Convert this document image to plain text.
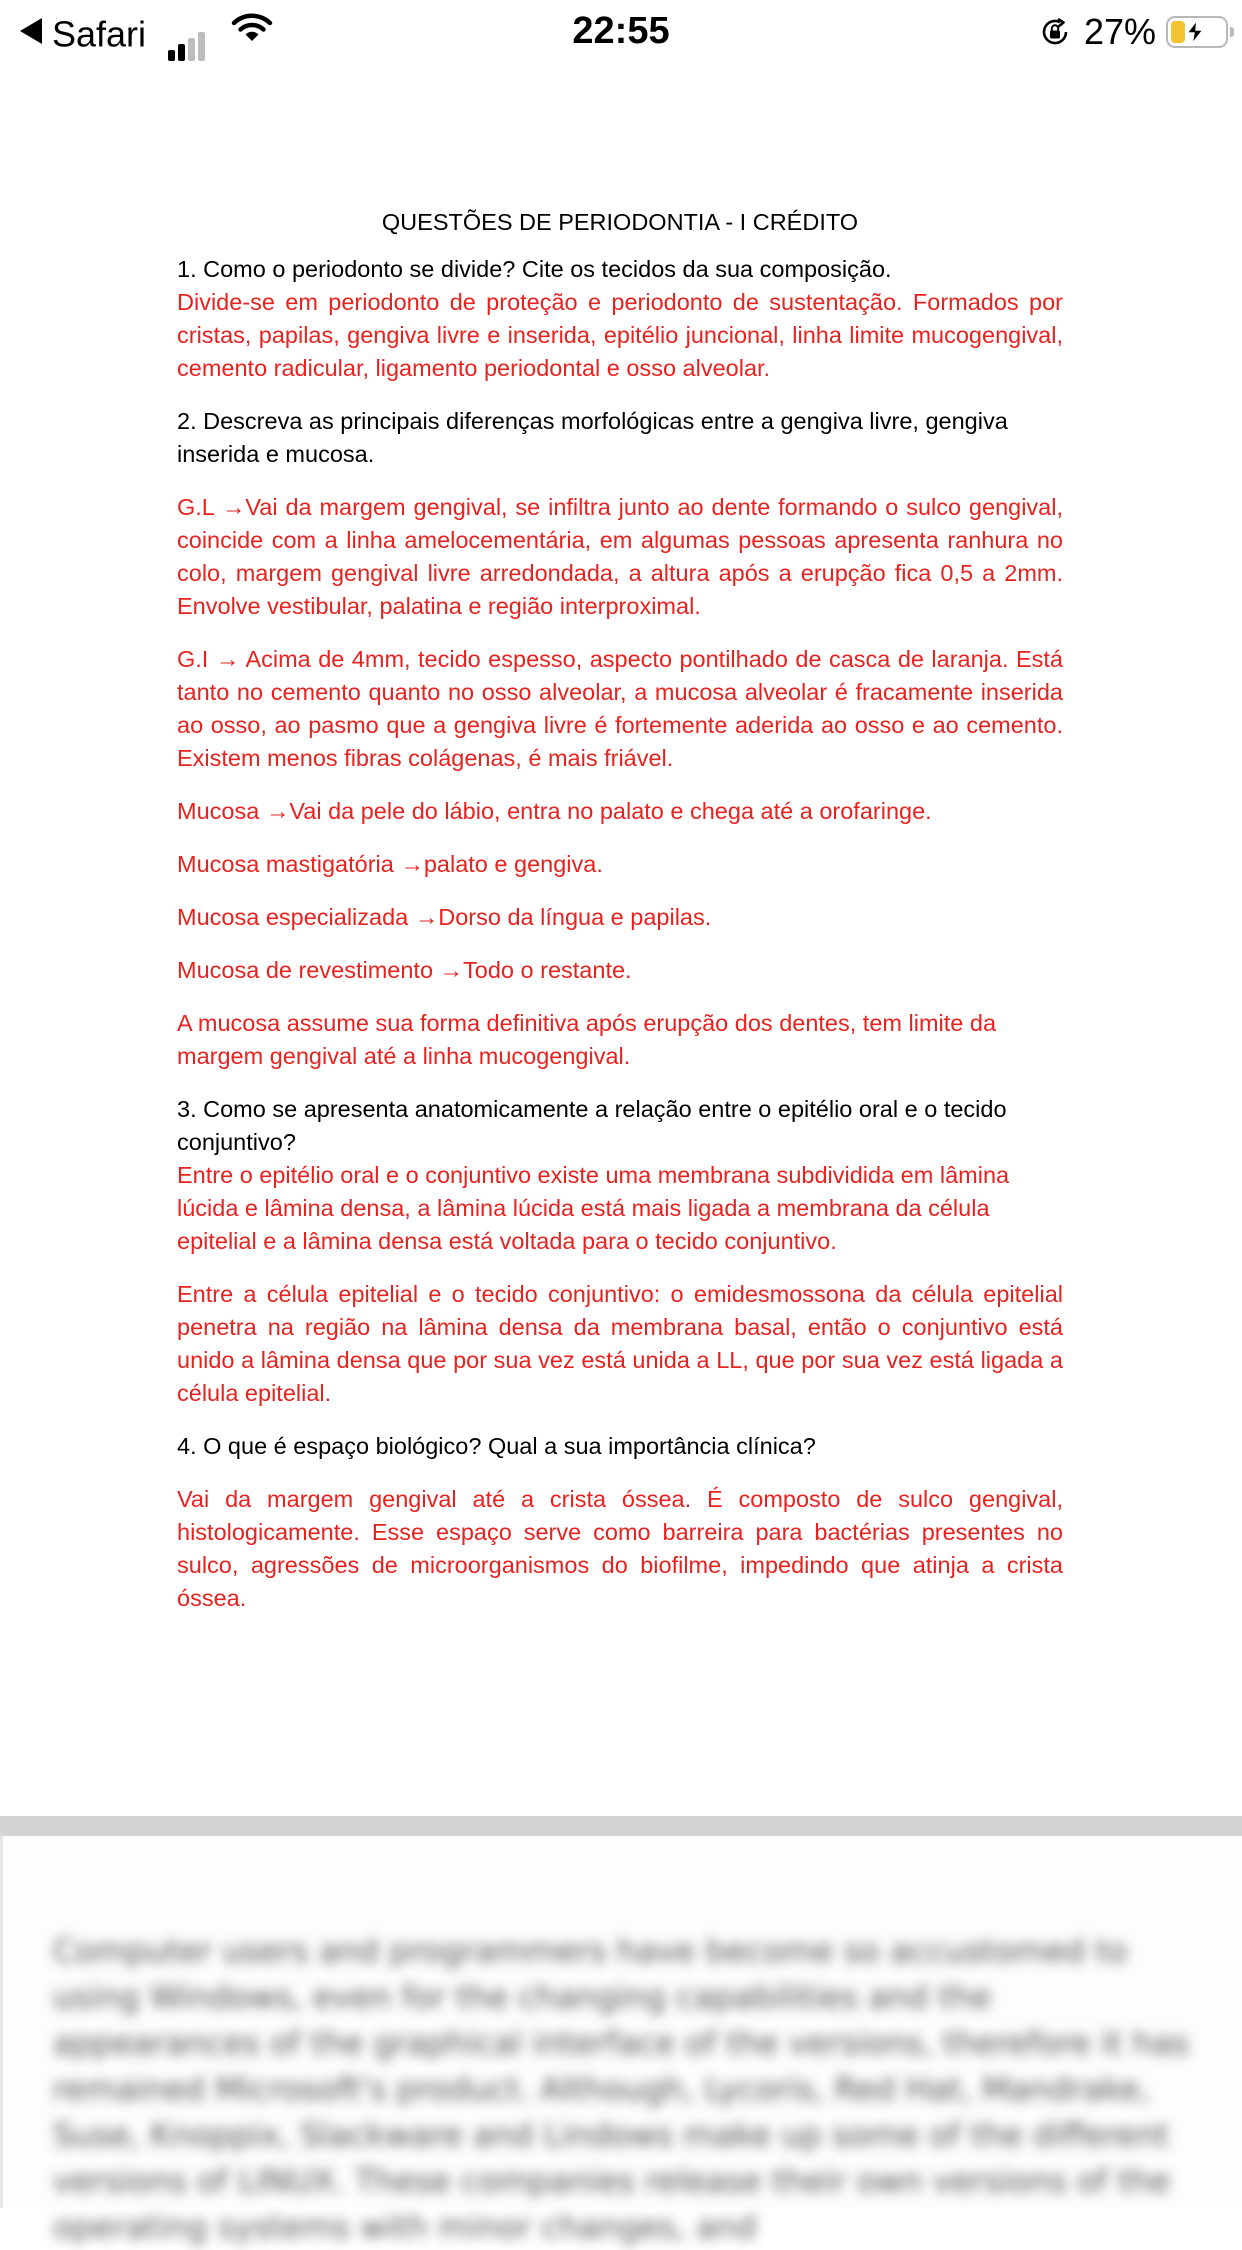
Safari	22:55	27%
QUESTÕES DE PERIODONTIA - I CRÉDITO

1. Como o periodonto se divide? Cite os tecidos da sua composição.

Divide-se em periodonto de proteção e periodonto de sustentação. Formados por cristas, papilas, gengiva livre e inserida, epitélio juncional, linha limite mucogengival, cemento radicular, ligamento periodontal e osso alveolar.

2. Descreva as principais diferenças morfológicas entre a gengiva livre, gengiva inserida e mucosa.

G.L →Vai da margem gengival, se infiltra junto ao dente formando o sulco gengival, coincide com a linha amelocementária, em algumas pessoas apresenta ranhura no colo, margem gengival livre arredondada, a altura após a erupção fica 0,5 a 2mm. Envolve vestibular, palatina e região interproximal.

G.I → Acima de 4mm, tecido espesso, aspecto pontilhado de casca de laranja. Está tanto no cemento quanto no osso alveolar, a mucosa alveolar é fracamente inserida ao osso, ao pasmo que a gengiva livre é fortemente aderida ao osso e ao cemento. Existem menos fibras colágenas, é mais friável.

Mucosa →Vai da pele do lábio, entra no palato e chega até a orofaringe.

Mucosa mastigatória →palato e gengiva.

Mucosa especializada →Dorso da língua e papilas.

Mucosa de revestimento →Todo o restante.

A mucosa assume sua forma definitiva após erupção dos dentes, tem limite da margem gengival até a linha mucogengival.

3. Como se apresenta anatomicamente a relação entre o epitélio oral e o tecido conjuntivo?

Entre o epitélio oral e o conjuntivo existe uma membrana subdividida em lâmina lúcida e lâmina densa, a lâmina lúcida está mais ligada a membrana da célula epitelial e a lâmina densa está voltada para o tecido conjuntivo.

Entre a célula epitelial e o tecido conjuntivo: o emidesmossona da célula epitelial penetra na região na lâmina densa da membrana basal, então o conjuntivo está unido a lâmina densa que por sua vez está unida a LL, que por sua vez está ligada a célula epitelial.

4. O que é espaço biológico? Qual a sua importância clínica?

Vai da margem gengival até a crista óssea. É composto de sulco gengival, histologicamente. Esse espaço serve como barreira para bactérias presentes no sulco, agressões de microorganismos do biofilme, impedindo que atinja a crista óssea.

Computer users and programmers have become so accustomed to using Windows, even for the changing capabilities and the appearances of the graphical interface of the versions, therefore it has remained Microsoft's product. Although, Lycoris, Red Hat, Mandrake, Suse, Knoppix, Slackware and Lindows make up some of the different versions of LINUX. These companies release their own versions of the operating systems with minor changes, and
